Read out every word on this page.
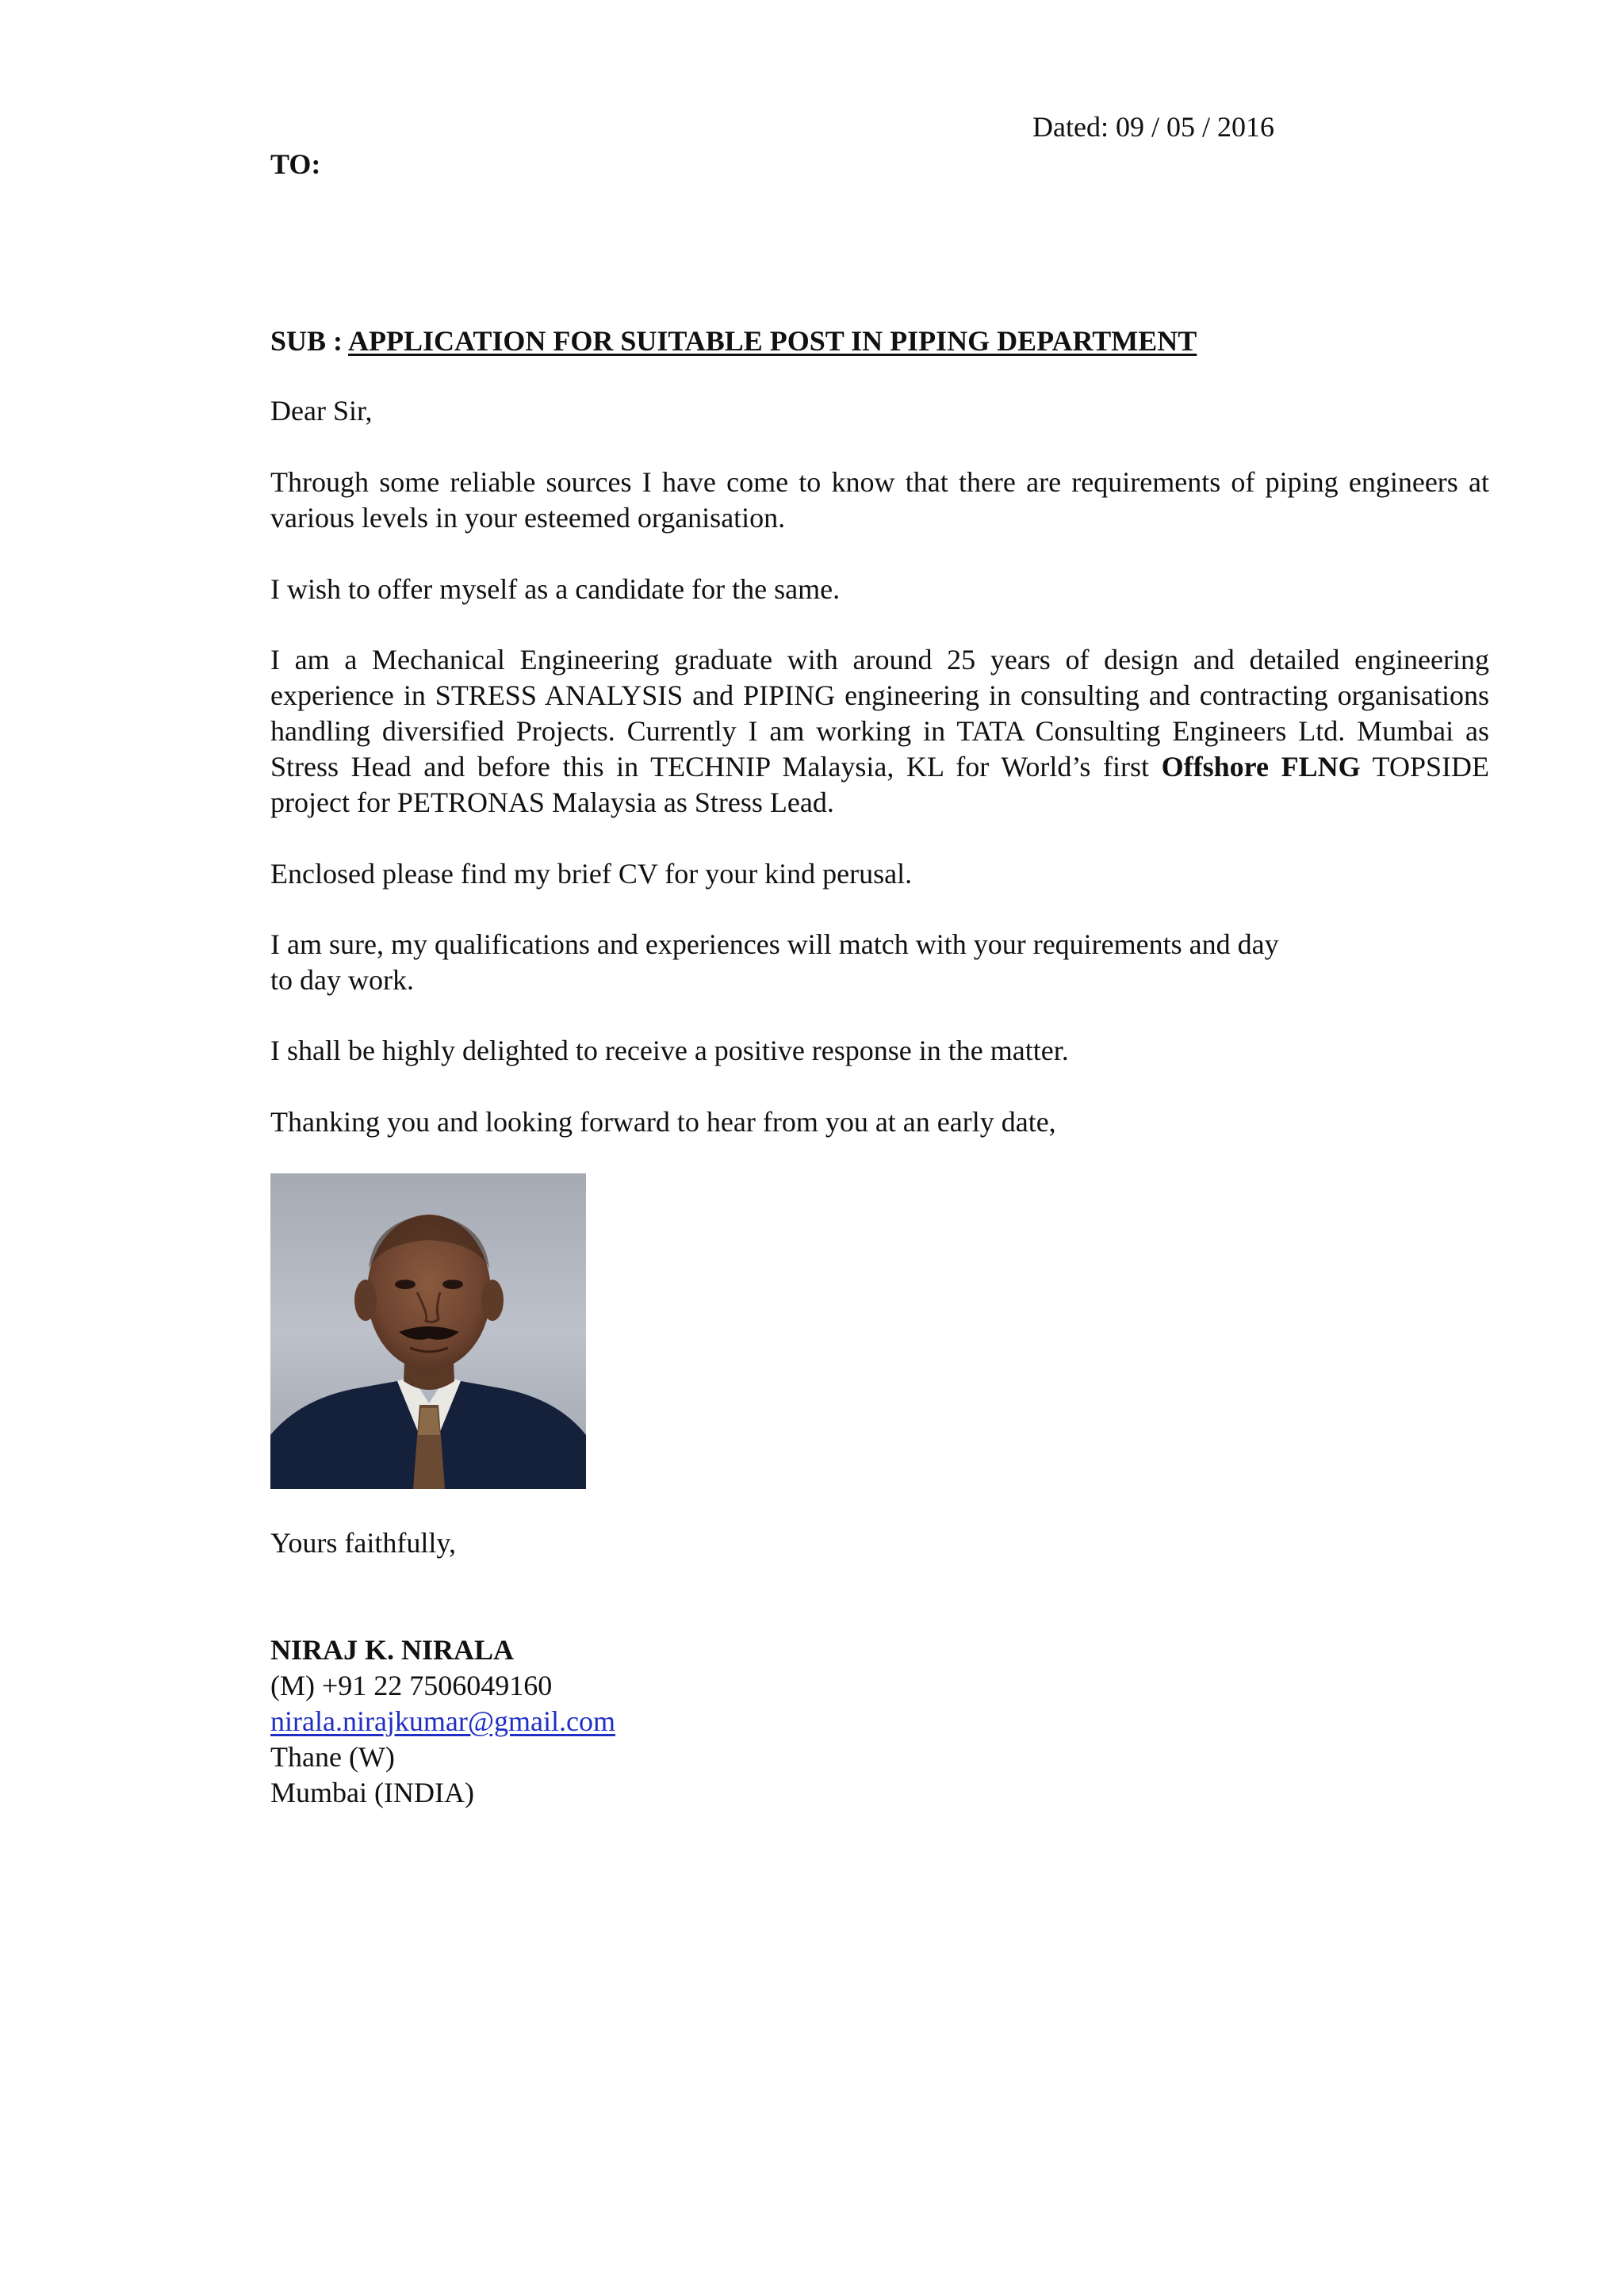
Dated: 09 / 05 / 2016
TO:
SUB : APPLICATION FOR SUITABLE POST IN PIPING DEPARTMENT
Dear Sir,
Through some reliable sources I have come to know that there are requirements of piping engineers at various levels in your esteemed organisation.
I wish to offer myself as a candidate for the same.
I am a Mechanical Engineering graduate with around 25 years of design and detailed engineering experience in STRESS ANALYSIS and PIPING engineering in consulting and contracting organisations handling diversified Projects. Currently I am working in TATA Consulting Engineers Ltd. Mumbai as Stress Head and before this in TECHNIP Malaysia, KL for World’s first Offshore FLNG TOPSIDE project for PETRONAS Malaysia as Stress Lead.
Enclosed please find my brief CV for your kind perusal.
I am sure, my qualifications and experiences will match with your requirements and day
to day work.
I shall be highly delighted to receive a positive response in the matter.
Thanking you and looking forward to hear from you at an early date,
Yours faithfully,
NIRAJ K. NIRALA
(M) +91 22 7506049160
nirala.nirajkumar@gmail.com
Thane (W)
Mumbai (INDIA)
